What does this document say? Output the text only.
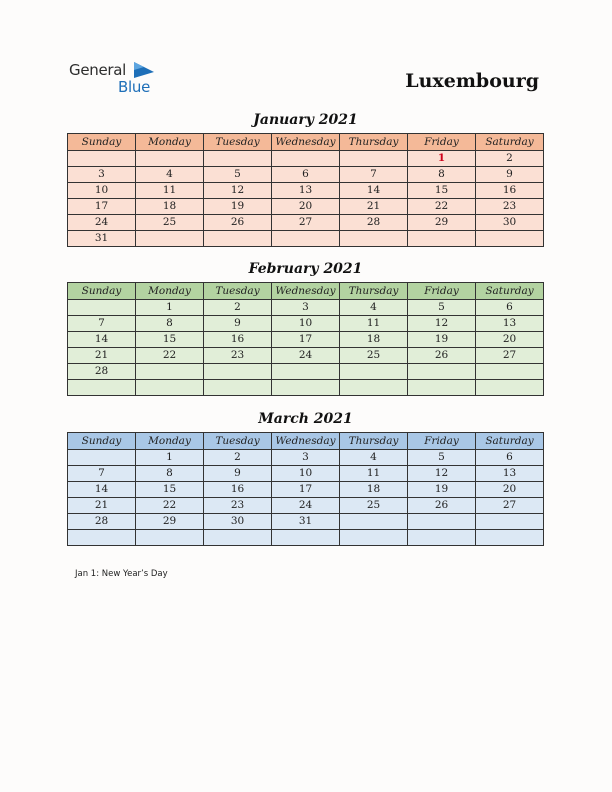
General
Blue	Luxembourg
January 2021
Sunday	Monday	Tuesday	Wednesday	Thursday	Friday	Saturday
					1	2
3	4	5	6	7	8	9
10	11	12	13	14	15	16
17	18	19	20	21	22	23
24	25	26	27	28	29	30
31						
February 2021
Sunday	Monday	Tuesday	Wednesday	Thursday	Friday	Saturday
	1	2	3	4	5	6
7	8	9	10	11	12	13
14	15	16	17	18	19	20
21	22	23	24	25	26	27
28						

March 2021
Sunday	Monday	Tuesday	Wednesday	Thursday	Friday	Saturday
	1	2	3	4	5	6
7	8	9	10	11	12	13
14	15	16	17	18	19	20
21	22	23	24	25	26	27
28	29	30	31			

Jan 1: New Year’s Day
